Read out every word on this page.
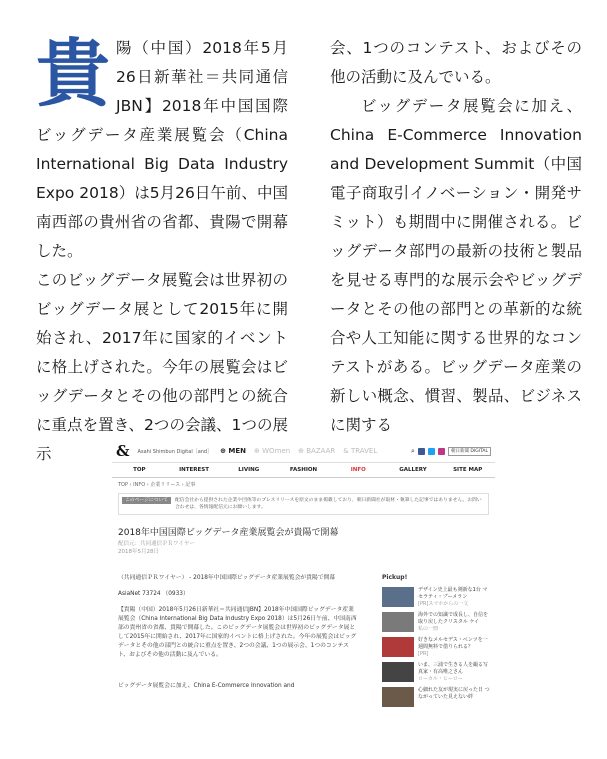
貴 陽（中国）2018年5月26日新華社＝共同通信JBN】2018年中国国際ビッグデータ産業展覧会（China International Big Data Industry Expo 2018）は5月26日午前、中国南西部の貴州省の省都、貴陽で開幕した。

このビッグデータ展覧会は世界初のビッグデータ展として2015年に開始され、2017年に国家的イベントに格上げされた。今年の展覧会はビッグデータとその他の部門との統合に重点を置き、2つの会議、1つの展示

会、1つのコンテスト、およびその他の活動に及んでいる。

ビッグデータ展覧会に加え、China E-Commerce Innovation and Development Summit（中国電子商取引イノベーション・開発サミット）も期間中に開催される。ビッグデータ部門の最新の技術と製品を見せる専門的な展示会やビッグデータとその他の部門との革新的な統合や人工知能に関する世界的なコンテストがある。ビッグデータ産業の新しい概念、慣習、製品、ビジネスに関する

& Asahi Shimbun Digital［and］ ⊕ MEN ⊕ WOmen ⊕ BAZAAR & TRAVEL	⌕	朝日新聞 DIGITAL
TOP	INTEREST	LIVING	FASHION	INFO	GALLERY	SITE MAP
TOP › INFO › 企業リリース › 記事
このページについて	配信会社から提供された企業や団体等のプレスリリースを原文のまま掲載しており、朝日新聞社が取材・執筆した記事ではありません。お問い合わせは、各情報配信元にお願いします。
2018年中国国際ビッグデータ産業展覧会が貴陽で開幕
配信元：共同通信ＰＲワイヤー
2018年5月28日

（共同通信ＰＲワイヤー） - 2018年中国国際ビッグデータ産業展覧会が貴陽で開幕

AsiaNet 73724 （0933）

【貴陽（中国）2018年5月26日新華社＝共同通信JBN】2018年中国国際ビッグデータ産業展覧会（China International Big Data Industry Expo 2018）は5月26日午前、中国南西部の貴州省の省都、貴陽で開幕した。このビッグデータ展覧会は世界初のビッグデータ展として2015年に開始され、2017年に国家的イベントに格上げされた。今年の展覧会はビッグデータとその他の部門との統合に重点を置き、2つの会議、1つの展示会、1つのコンテスト、およびその他の活動に及んでいる。

ビッグデータ展覧会に加え、China E-Commerce Innovation and

Pickup!
デザイン史上最も剣新な1台 マセラティ・ブーメラン
[PR]スマホからの一文
海外での知識で成長し、自信を取り戻したクリスタル ケイ
私の一冊
好きなメルセデス・ベンツを一週間無料で借りられる？
[PR]
いま、三浦で生きる人を撮る写真家・有高唯之さん
ローカル・ヒーロー
心細れた友が現実に戻った日 つながっていた見えない絆
